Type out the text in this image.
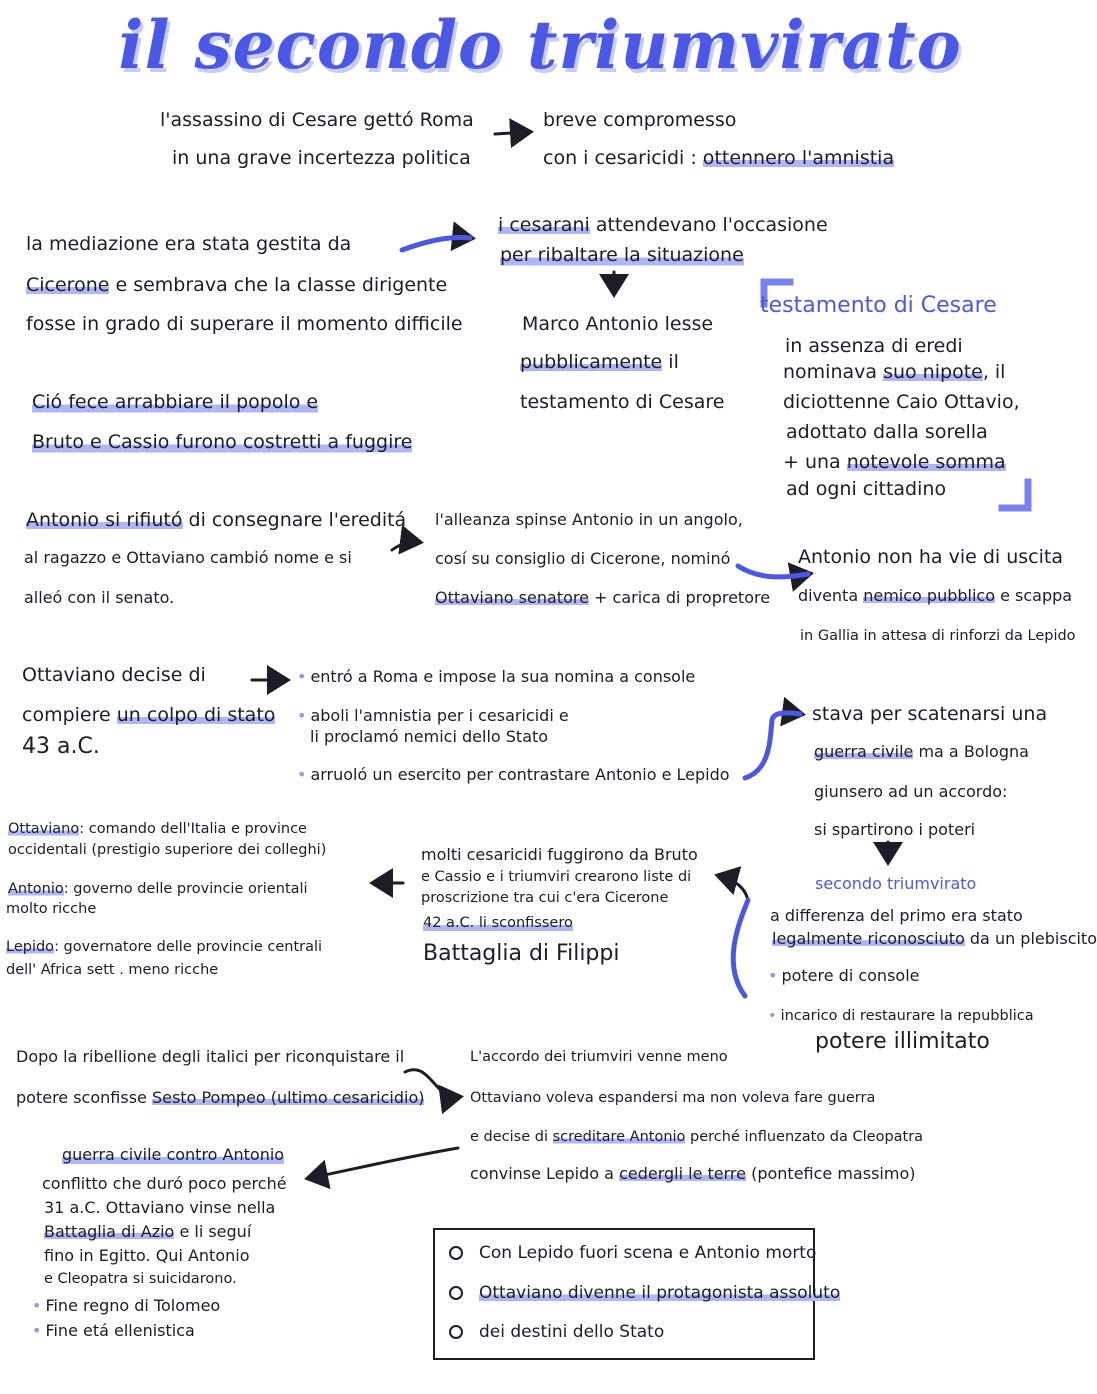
il secondo triumvirato
l'assassino di Cesare gettó Roma
in una grave incertezza politica
breve compromesso
con i cesaricidi : ottennero l'amnistia
la mediazione era stata gestita da
Cicerone e sembrava che la classe dirigente
fosse in grado di superare il momento difficile
Ció fece arrabbiare il popolo e
Bruto e Cassio furono costretti a fuggire
i cesarani attendevano l'occasione
per ribaltare la situazione
Marco Antonio lesse
pubblicamente il
testamento di Cesare
testamento di Cesare
in assenza di eredi
nominava suo nipote, il
diciottenne Caio Ottavio,
adottato dalla sorella
+ una notevole somma
ad ogni cittadino
Antonio si rifiutó di consegnare l'ereditá
al ragazzo e Ottaviano cambió nome e si
alleó con il senato.
l'alleanza spinse Antonio in un angolo,
cosí su consiglio di Cicerone, nominó
Ottaviano senatore + carica di propretore
Antonio non ha vie di uscita
diventa nemico pubblico e scappa
in Gallia in attesa di rinforzi da Lepido
Ottaviano decise di
compiere un colpo di stato
43 a.C.
• entró a Roma e impose la sua nomina a console
• aboli l'amnistia per i cesaricidi e
li proclamó nemici dello Stato
• arruoló un esercito per contrastare Antonio e Lepido
stava per scatenarsi una
guerra civile ma a Bologna
giunsero ad un accordo:
si spartirono i poteri
secondo triumvirato
a differenza del primo era stato
legalmente riconosciuto da un plebiscito
• potere di console
• incarico di restaurare la repubblica
potere illimitato
Ottaviano: comando dell'Italia e province
occidentali (prestigio superiore dei colleghi)
Antonio: governo delle provincie orientali
molto ricche
Lepido: governatore delle provincie centrali
dell' Africa sett . meno ricche
molti cesaricidi fuggirono da Bruto
e Cassio e i triumviri crearono liste di
proscrizione tra cui c'era Cicerone
42 a.C. li sconfissero
Battaglia di Filippi
Dopo la ribellione degli italici per riconquistare il
potere sconfisse Sesto Pompeo (ultimo cesaricidio)
L'accordo dei triumviri venne meno
Ottaviano voleva espandersi ma non voleva fare guerra
e decise di screditare Antonio perché influenzato da Cleopatra
convinse Lepido a cedergli le terre (pontefice massimo)
guerra civile contro Antonio
conflitto che duró poco perché
31 a.C. Ottaviano vinse nella
Battaglia di Azio e li seguí
fino in Egitto. Qui Antonio
e Cleopatra si suicidarono.
• Fine regno di Tolomeo
• Fine etá ellenistica
Con Lepido fuori scena e Antonio morto
Ottaviano divenne il protagonista assoluto
dei destini dello Stato
